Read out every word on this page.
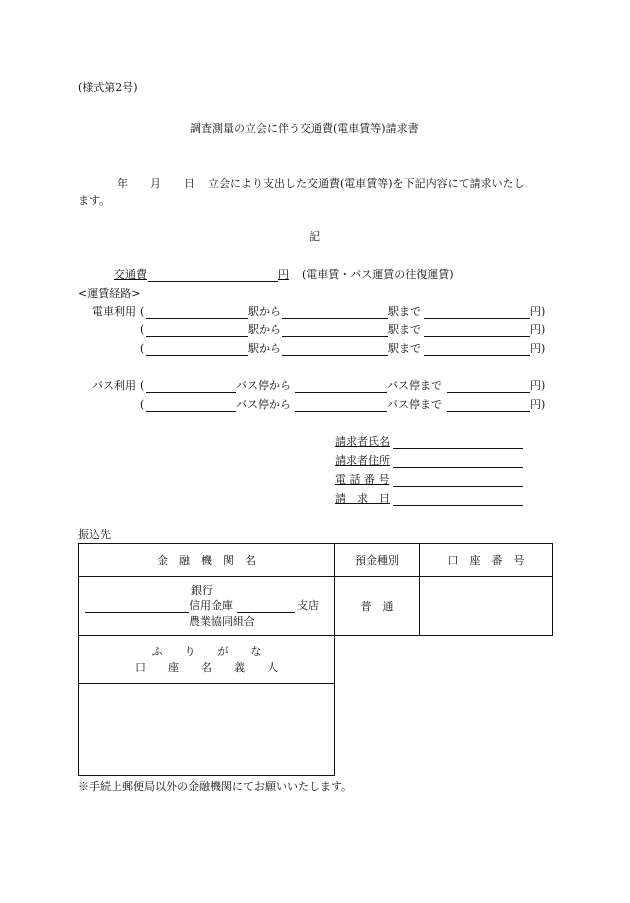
(様式第2号)
調査測量の立会に伴う交通費(電車賃等)請求書
年 月 日 立会により支出した交通費(電車賃等)を下記内容にて請求いたし
ます。
記
交通費	円 (電車賃・バス運賃の往復運賃)
<運賃経路>
電車利用 (	駅から	駅まで	円)
(	駅から	駅まで	円)
(	駅から	駅まで	円)
バス利用 (	バス停から	バス停まで	円)
(	バス停から	バス停まで	円)
請求者氏名
請求者住所
電 話 番 号
請　求　日
振込先
金　融　機　関　名	預金種別	口　座　番　号

銀行
信用金庫 支店
農業協同組合	普　通	

ふ　　り　　が　　な
口　　座　　名　　義　　人		

※手続上郵便局以外の金融機関にてお願いいたします。
